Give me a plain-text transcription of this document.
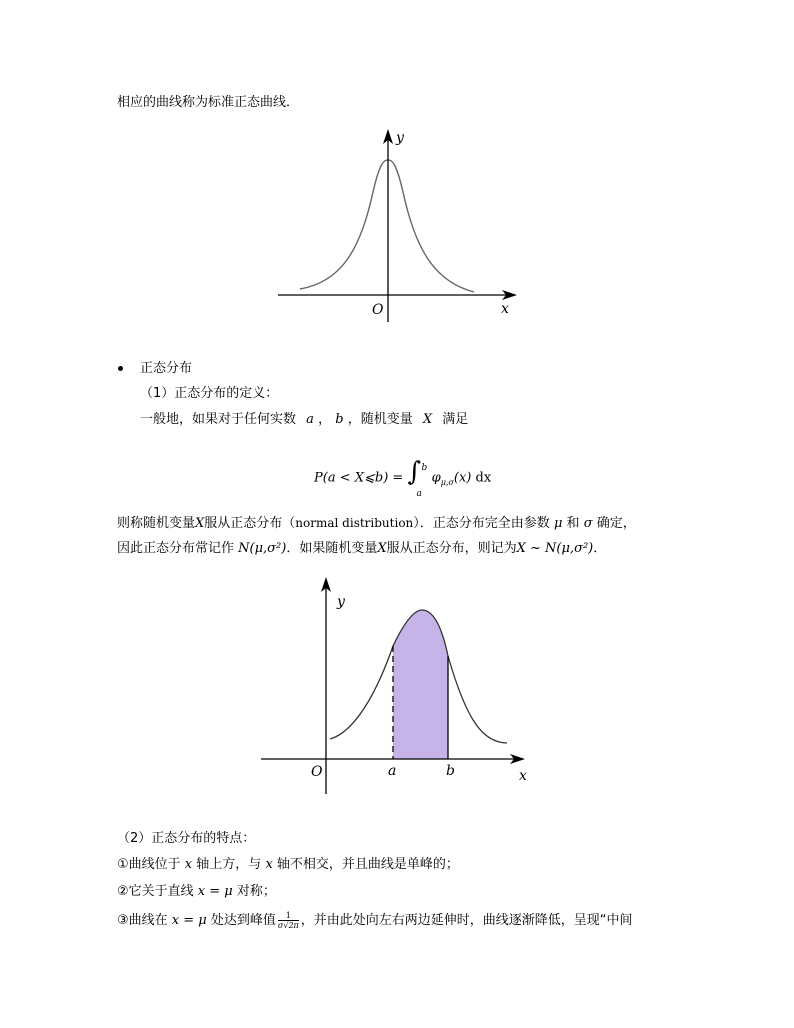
相应的曲线称为标准正态曲线．
y
x
O
正态分布
（1）正态分布的定义：
一般地，如果对于任何实数 a ， b ，随机变量 X 满足
P(a < X⩽b) = ∫ b
a
$\varphi_{\mu,\sigma}(x)$ dx
则称随机变量X服从正态分布（normal distribution）．正态分布完全由参数 μ 和 σ 确定，
因此正态分布常记作 N(μ,σ²)．如果随机变量X服从正态分布，则记为X ~ N(μ,σ²)．
y
x
O	a	b
（2）正态分布的特点：
①曲线位于 x 轴上方，与 x 轴不相交，并且曲线是单峰的；
②它关于直线 x = μ 对称；
③曲线在 x = μ 处达到峰值 $\frac{1}{\sigma√2\pi}$ ，并由此处向左右两边延伸时，曲线逐渐降低，呈现“中间
